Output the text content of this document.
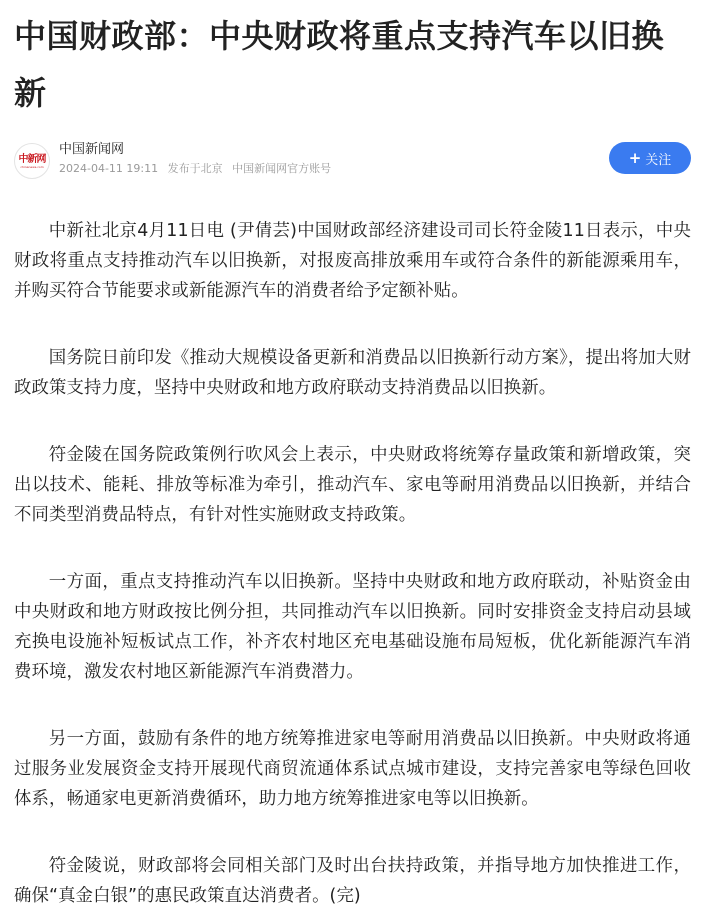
中国财政部：中央财政将重点支持汽车以旧换新
中新网
chinanews.com
中国新闻网
2024-04-11 19:11 发布于北京 中国新闻网官方账号
+ 关注

中新社北京4月11日电 (尹倩芸)中国财政部经济建设司司长符金陵11日表示，中央财政将重点支持推动汽车以旧换新，对报废高排放乘用车或符合条件的新能源乘用车，并购买符合节能要求或新能源汽车的消费者给予定额补贴。

国务院日前印发《推动大规模设备更新和消费品以旧换新行动方案》，提出将加大财政政策支持力度，坚持中央财政和地方政府联动支持消费品以旧换新。

符金陵在国务院政策例行吹风会上表示，中央财政将统筹存量政策和新增政策，突出以技术、能耗、排放等标准为牵引，推动汽车、家电等耐用消费品以旧换新，并结合不同类型消费品特点，有针对性实施财政支持政策。

一方面，重点支持推动汽车以旧换新。坚持中央财政和地方政府联动，补贴资金由中央财政和地方财政按比例分担，共同推动汽车以旧换新。同时安排资金支持启动县域充换电设施补短板试点工作，补齐农村地区充电基础设施布局短板，优化新能源汽车消费环境，激发农村地区新能源汽车消费潜力。

另一方面，鼓励有条件的地方统筹推进家电等耐用消费品以旧换新。中央财政将通过服务业发展资金支持开展现代商贸流通体系试点城市建设，支持完善家电等绿色回收体系，畅通家电更新消费循环，助力地方统筹推进家电等以旧换新。

符金陵说，财政部将会同相关部门及时出台扶持政策，并指导地方加快推进工作，确保“真金白银”的惠民政策直达消费者。(完)
